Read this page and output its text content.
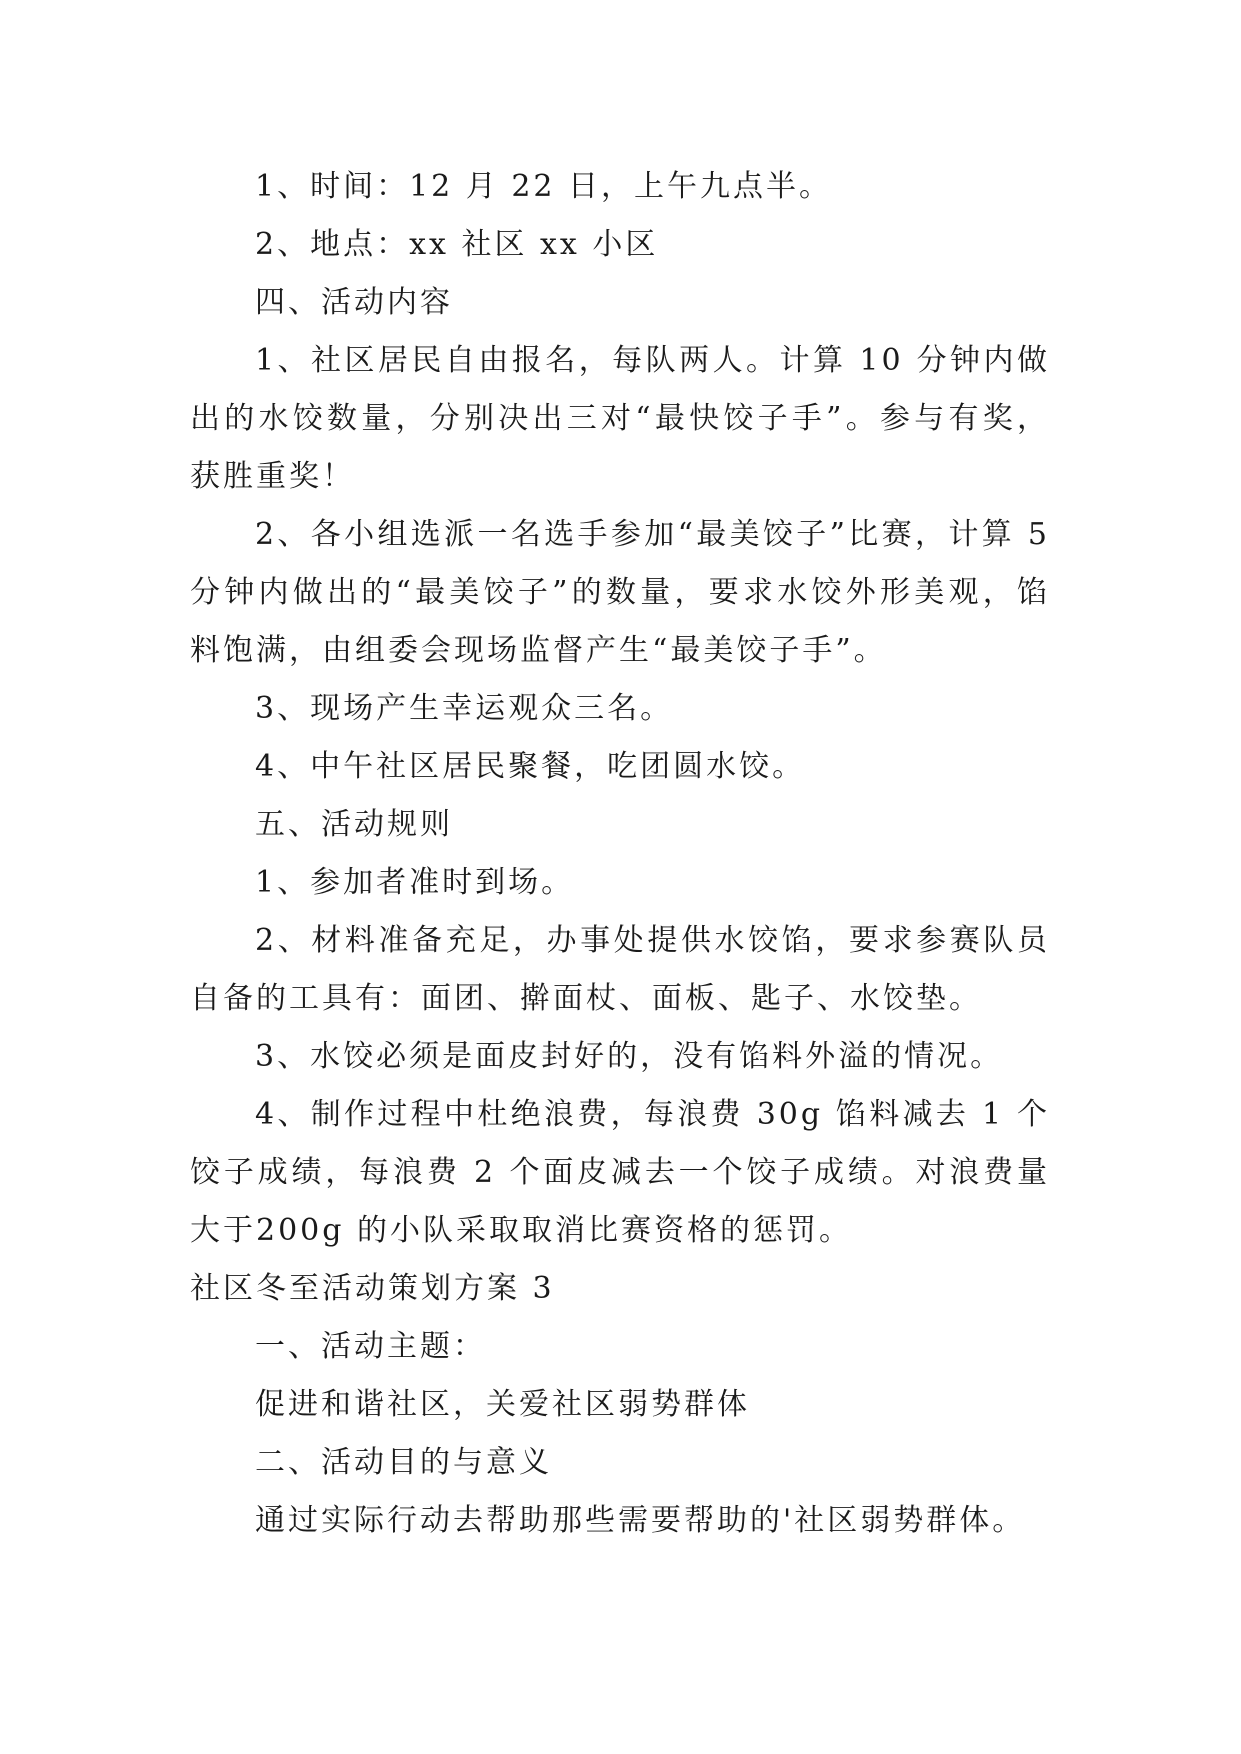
1、时间：12 月 22 日，上午九点半。

2、地点：xx 社区 xx 小区

四、活动内容

1、社区居民自由报名，每队两人。计算 10 分钟内做出的水饺数量，分别决出三对“最快饺子手”。参与有奖，获胜重奖！

2、各小组选派一名选手参加“最美饺子”比赛，计算 5 分钟内做出的“最美饺子”的数量，要求水饺外形美观，馅料饱满，由组委会现场监督产生“最美饺子手”。

3、现场产生幸运观众三名。

4、中午社区居民聚餐，吃团圆水饺。

五、活动规则

1、参加者准时到场。

2、材料准备充足，办事处提供水饺馅，要求参赛队员自备的工具有：面团、擀面杖、面板、匙子、水饺垫。

3、水饺必须是面皮封好的，没有馅料外溢的情况。

4、制作过程中杜绝浪费，每浪费 30g 馅料减去 1 个饺子成绩，每浪费 2 个面皮减去一个饺子成绩。对浪费量大于200g 的小队采取取消比赛资格的惩罚。

社区冬至活动策划方案 3

一、活动主题：

促进和谐社区，关爱社区弱势群体

二、活动目的与意义

通过实际行动去帮助那些需要帮助的'社区弱势群体。
